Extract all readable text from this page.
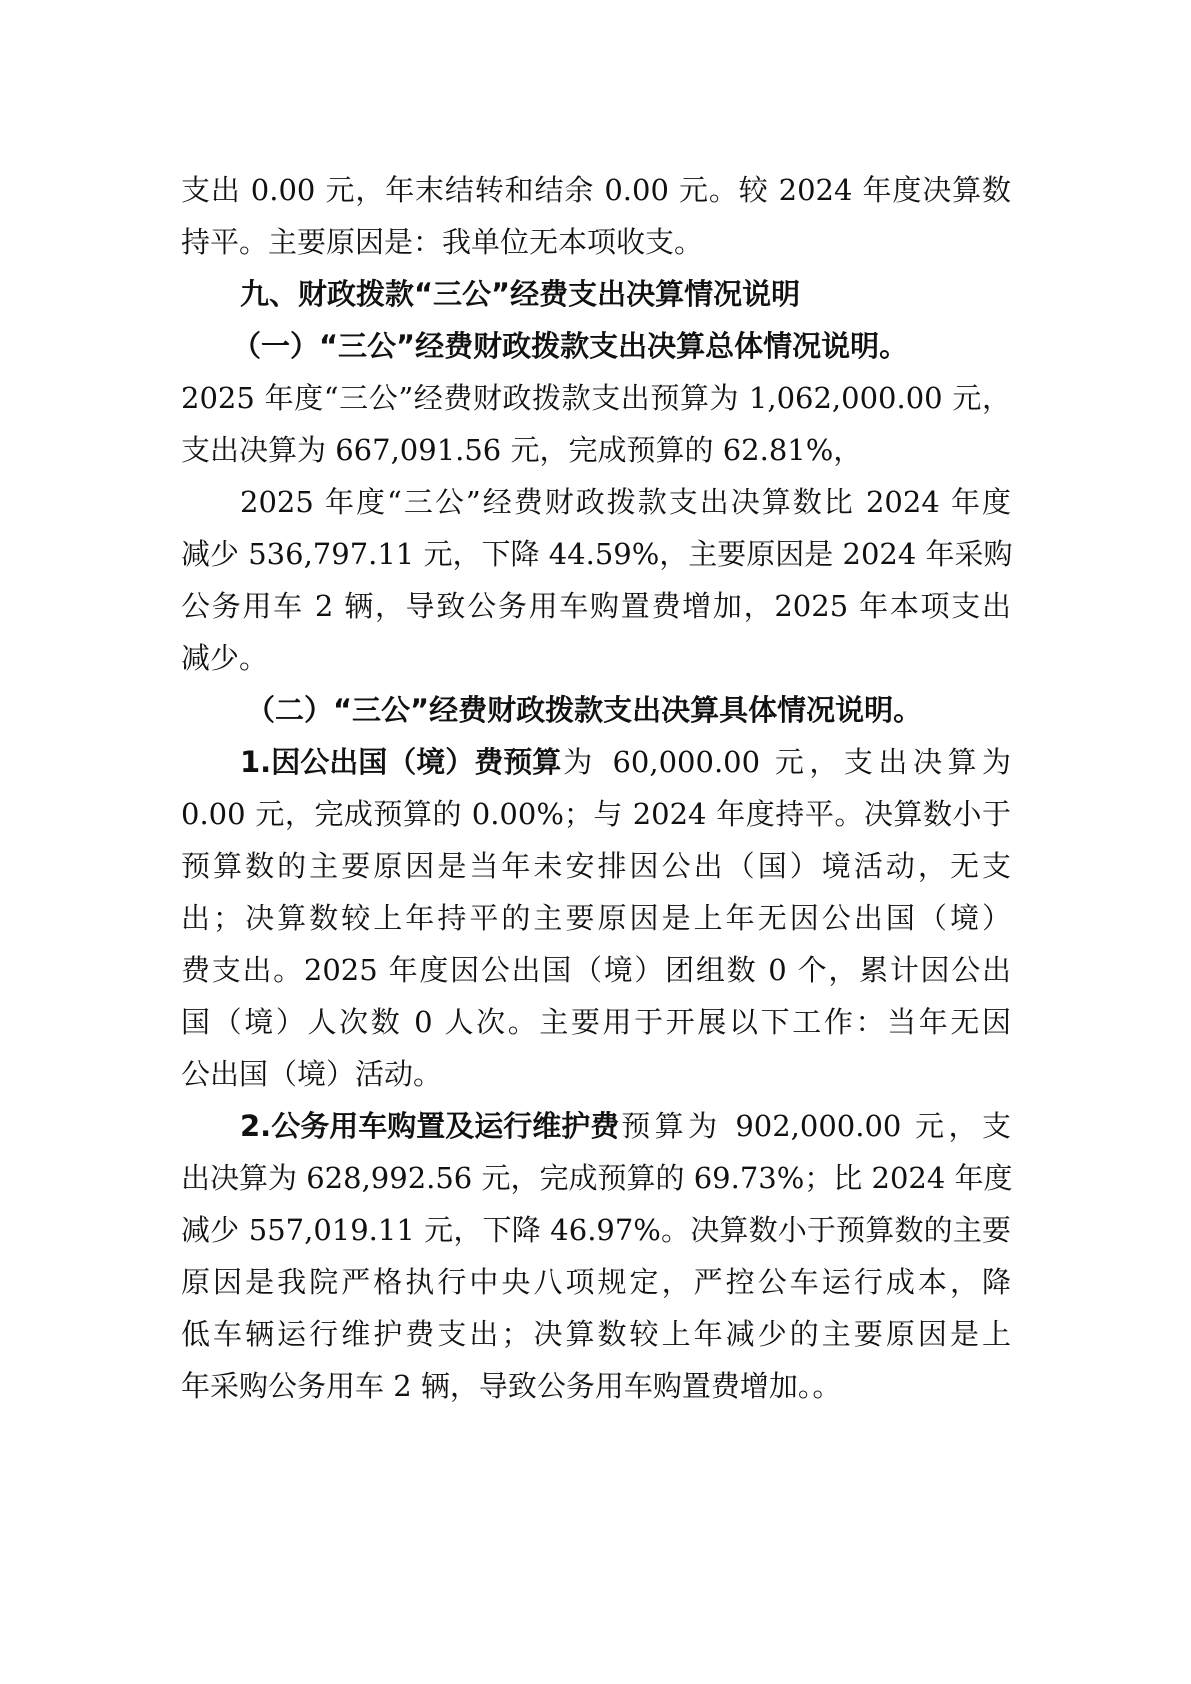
支出 0.00 元，年末结转和结余 0.00 元。较 2024 年度决算数
持平。主要原因是：我单位无本项收支。
九、财政拨款“三公”经费支出决算情况说明
（一）“三公”经费财政拨款支出决算总体情况说明。
2025 年度“三公”经费财政拨款支出预算为 1,062,000.00 元，
支出决算为 667,091.56 元，完成预算的 62.81%，
2025 年度“三公”经费财政拨款支出决算数比 2024 年度
减少 536,797.11 元，下降 44.59%，主要原因是 2024 年采购
公务用车 2 辆，导致公务用车购置费增加，2025 年本项支出
减少。
（二）“三公”经费财政拨款支出决算具体情况说明。
1.因公出国（境）费预算 为 60,000.00 元，支出决算为
0.00 元，完成预算的 0.00%；与 2024 年度持平。决算数小于
预算数的主要原因是当年未安排因公出（国）境活动，无支
出；决算数较上年持平的主要原因是上年无因公出国（境）
费支出。2025 年度因公出国（境）团组数 0 个，累计因公出
国（境）人次数 0 人次。主要用于开展以下工作：当年无因
公出国（境）活动。
2.公务用车购置及运行维护费 预算为 902,000.00 元，支
出决算为 628,992.56 元，完成预算的 69.73%；比 2024 年度
减少 557,019.11 元，下降 46.97%。决算数小于预算数的主要
原因是我院严格执行中央八项规定，严控公车运行成本，降
低车辆运行维护费支出；决算数较上年减少的主要原因是上
年采购公务用车 2 辆，导致公务用车购置费增加。。
